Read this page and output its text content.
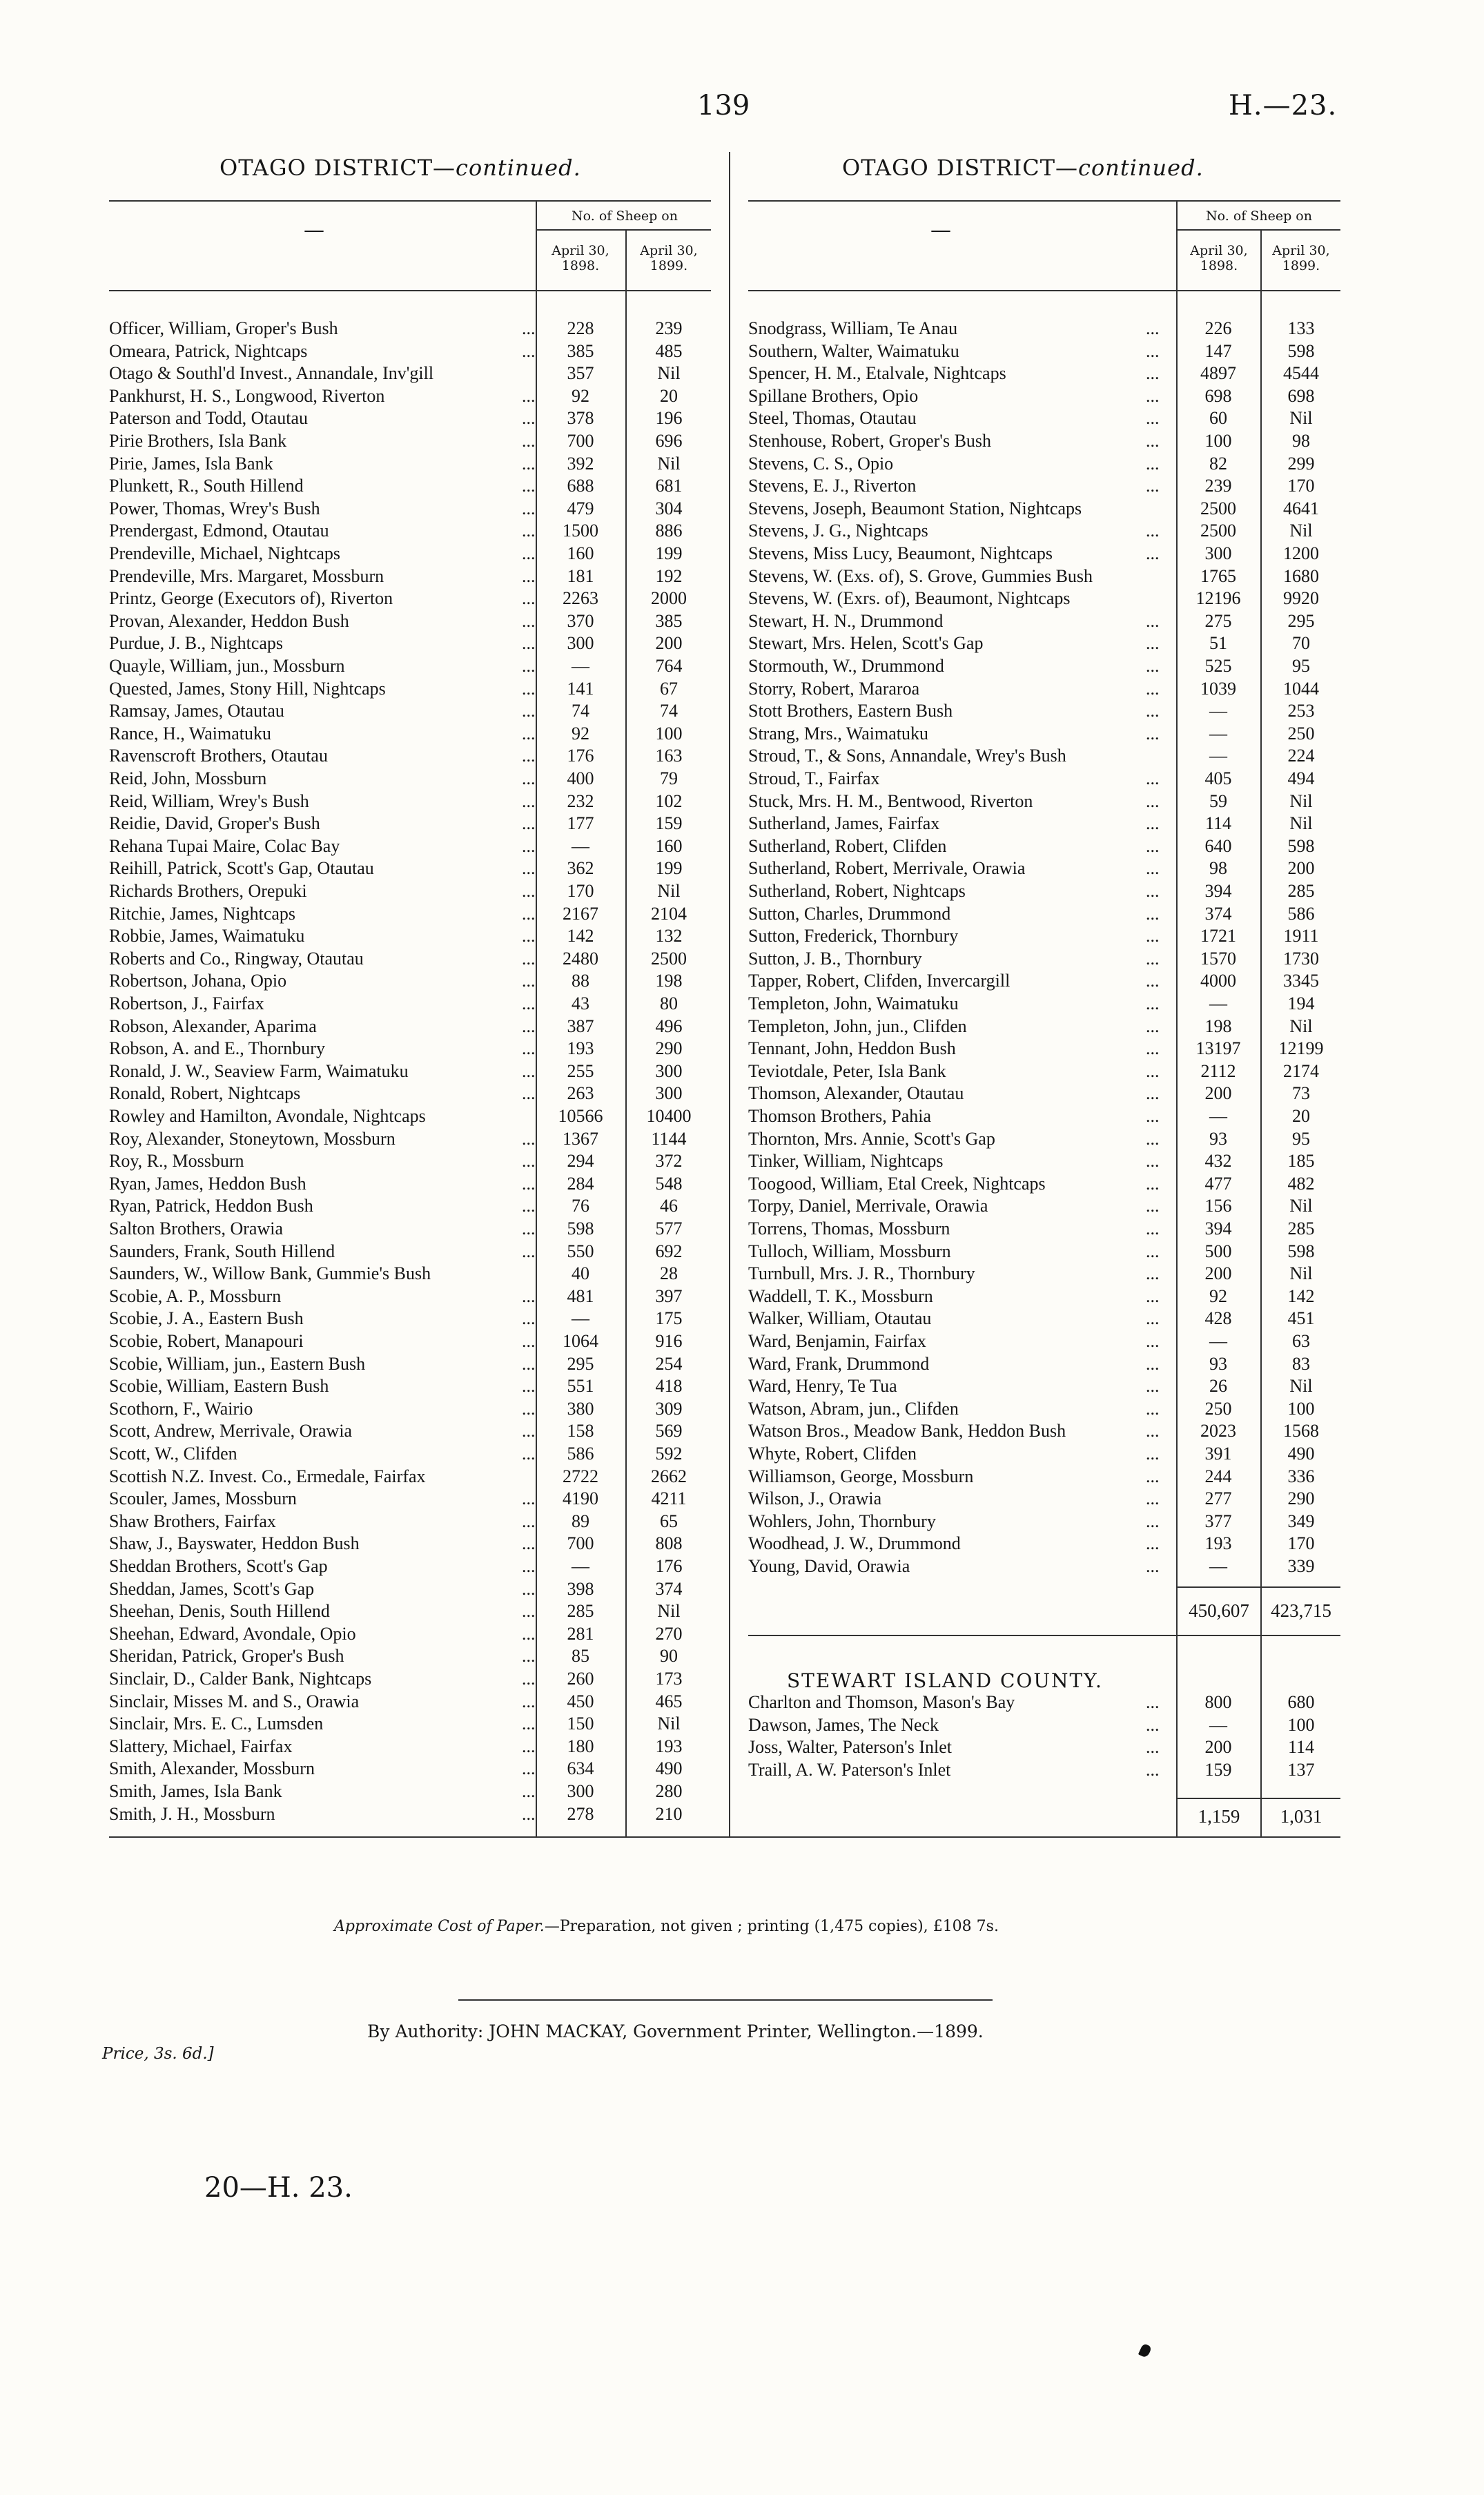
139	H.—23.
OTAGO DISTRICT—continued.	OTAGO DISTRICT—continued.
—
No. of Sheep on
April 30, 1898.
April 30, 1899.
—
No. of Sheep on
April 30, 1898.
April 30, 1899.
Officer, William, Groper's Bush	...	228	239
Omeara, Patrick, Nightcaps	...	385	485
Otago & Southl'd Invest., Annandale, Inv'gill	357	Nil
Pankhurst, H. S., Longwood, Riverton	...	92	20
Paterson and Todd, Otautau	...	378	196
Pirie Brothers, Isla Bank	...	700	696
Pirie, James, Isla Bank	...	392	Nil
Plunkett, R., South Hillend	...	688	681
Power, Thomas, Wrey's Bush	...	479	304
Prendergast, Edmond, Otautau	...	1500	886
Prendeville, Michael, Nightcaps	...	160	199
Prendeville, Mrs. Margaret, Mossburn	...	181	192
Printz, George (Executors of), Riverton	...	2263	2000
Provan, Alexander, Heddon Bush	...	370	385
Purdue, J. B., Nightcaps	...	300	200
Quayle, William, jun., Mossburn	...	—	764
Quested, James, Stony Hill, Nightcaps	...	141	67
Ramsay, James, Otautau	...	74	74
Rance, H., Waimatuku	...	92	100
Ravenscroft Brothers, Otautau	...	176	163
Reid, John, Mossburn	...	400	79
Reid, William, Wrey's Bush	...	232	102
Reidie, David, Groper's Bush	...	177	159
Rehana Tupai Maire, Colac Bay	...	—	160
Reihill, Patrick, Scott's Gap, Otautau	...	362	199
Richards Brothers, Orepuki	...	170	Nil
Ritchie, James, Nightcaps	...	2167	2104
Robbie, James, Waimatuku	...	142	132
Roberts and Co., Ringway, Otautau	...	2480	2500
Robertson, Johana, Opio	...	88	198
Robertson, J., Fairfax	...	43	80
Robson, Alexander, Aparima	...	387	496
Robson, A. and E., Thornbury	...	193	290
Ronald, J. W., Seaview Farm, Waimatuku	...	255	300
Ronald, Robert, Nightcaps	...	263	300
Rowley and Hamilton, Avondale, Nightcaps	10566	10400
Roy, Alexander, Stoneytown, Mossburn	...	1367	1144
Roy, R., Mossburn	...	294	372
Ryan, James, Heddon Bush	...	284	548
Ryan, Patrick, Heddon Bush	...	76	46
Salton Brothers, Orawia	...	598	577
Saunders, Frank, South Hillend	...	550	692
Saunders, W., Willow Bank, Gummie's Bush	40	28
Scobie, A. P., Mossburn	...	481	397
Scobie, J. A., Eastern Bush	...	—	175
Scobie, Robert, Manapouri	...	1064	916
Scobie, William, jun., Eastern Bush	...	295	254
Scobie, William, Eastern Bush	...	551	418
Scothorn, F., Wairio	...	380	309
Scott, Andrew, Merrivale, Orawia	...	158	569
Scott, W., Clifden	...	586	592
Scottish N.Z. Invest. Co., Ermedale, Fairfax	2722	2662
Scouler, James, Mossburn	...	4190	4211
Shaw Brothers, Fairfax	...	89	65
Shaw, J., Bayswater, Heddon Bush	...	700	808
Sheddan Brothers, Scott's Gap	...	—	176
Sheddan, James, Scott's Gap	...	398	374
Sheehan, Denis, South Hillend	...	285	Nil
Sheehan, Edward, Avondale, Opio	...	281	270
Sheridan, Patrick, Groper's Bush	...	85	90
Sinclair, D., Calder Bank, Nightcaps	...	260	173
Sinclair, Misses M. and S., Orawia	...	450	465
Sinclair, Mrs. E. C., Lumsden	...	150	Nil
Slattery, Michael, Fairfax	...	180	193
Smith, Alexander, Mossburn	...	634	490
Smith, James, Isla Bank	...	300	280
Smith, J. H., Mossburn	...	278	210
Snodgrass, William, Te Anau	...	226	133
Southern, Walter, Waimatuku	...	147	598
Spencer, H. M., Etalvale, Nightcaps	...	4897	4544
Spillane Brothers, Opio	...	698	698
Steel, Thomas, Otautau	...	60	Nil
Stenhouse, Robert, Groper's Bush	...	100	98
Stevens, C. S., Opio	...	82	299
Stevens, E. J., Riverton	...	239	170
Stevens, Joseph, Beaumont Station, Nightcaps	2500	4641
Stevens, J. G., Nightcaps	...	2500	Nil
Stevens, Miss Lucy, Beaumont, Nightcaps	...	300	1200
Stevens, W. (Exs. of), S. Grove, Gummies Bush	1765	1680
Stevens, W. (Exrs. of), Beaumont, Nightcaps	12196	9920
Stewart, H. N., Drummond	...	275	295
Stewart, Mrs. Helen, Scott's Gap	...	51	70
Stormouth, W., Drummond	...	525	95
Storry, Robert, Mararoa	...	1039	1044
Stott Brothers, Eastern Bush	...	—	253
Strang, Mrs., Waimatuku	...	—	250
Stroud, T., & Sons, Annandale, Wrey's Bush	—	224
Stroud, T., Fairfax	...	405	494
Stuck, Mrs. H. M., Bentwood, Riverton	...	59	Nil
Sutherland, James, Fairfax	...	114	Nil
Sutherland, Robert, Clifden	...	640	598
Sutherland, Robert, Merrivale, Orawia	...	98	200
Sutherland, Robert, Nightcaps	...	394	285
Sutton, Charles, Drummond	...	374	586
Sutton, Frederick, Thornbury	...	1721	1911
Sutton, J. B., Thornbury	...	1570	1730
Tapper, Robert, Clifden, Invercargill	...	4000	3345
Templeton, John, Waimatuku	...	—	194
Templeton, John, jun., Clifden	...	198	Nil
Tennant, John, Heddon Bush	...	13197	12199
Teviotdale, Peter, Isla Bank	...	2112	2174
Thomson, Alexander, Otautau	...	200	73
Thomson Brothers, Pahia	...	—	20
Thornton, Mrs. Annie, Scott's Gap	...	93	95
Tinker, William, Nightcaps	...	432	185
Toogood, William, Etal Creek, Nightcaps	...	477	482
Torpy, Daniel, Merrivale, Orawia	...	156	Nil
Torrens, Thomas, Mossburn	...	394	285
Tulloch, William, Mossburn	...	500	598
Turnbull, Mrs. J. R., Thornbury	...	200	Nil
Waddell, T. K., Mossburn	...	92	142
Walker, William, Otautau	...	428	451
Ward, Benjamin, Fairfax	...	—	63
Ward, Frank, Drummond	...	93	83
Ward, Henry, Te Tua	...	26	Nil
Watson, Abram, jun., Clifden	...	250	100
Watson Bros., Meadow Bank, Heddon Bush	...	2023	1568
Whyte, Robert, Clifden	...	391	490
Williamson, George, Mossburn	...	244	336
Wilson, J., Orawia	...	277	290
Wohlers, John, Thornbury	...	377	349
Woodhead, J. W., Drummond	...	193	170
Young, David, Orawia	...	—	339
450,607	423,715
STEWART ISLAND COUNTY.
Charlton and Thomson, Mason's Bay	...	800	680
Dawson, James, The Neck	...	—	100
Joss, Walter, Paterson's Inlet	...	200	114
Traill, A. W. Paterson's Inlet	...	159	137
1,159	1,031
Approximate Cost of Paper.—Preparation, not given ; printing (1,475 copies), £108 7s.
By Authority: JOHN MACKAY, Government Printer, Wellington.—1899.
Price, 3s. 6d.]
20—H. 23.
